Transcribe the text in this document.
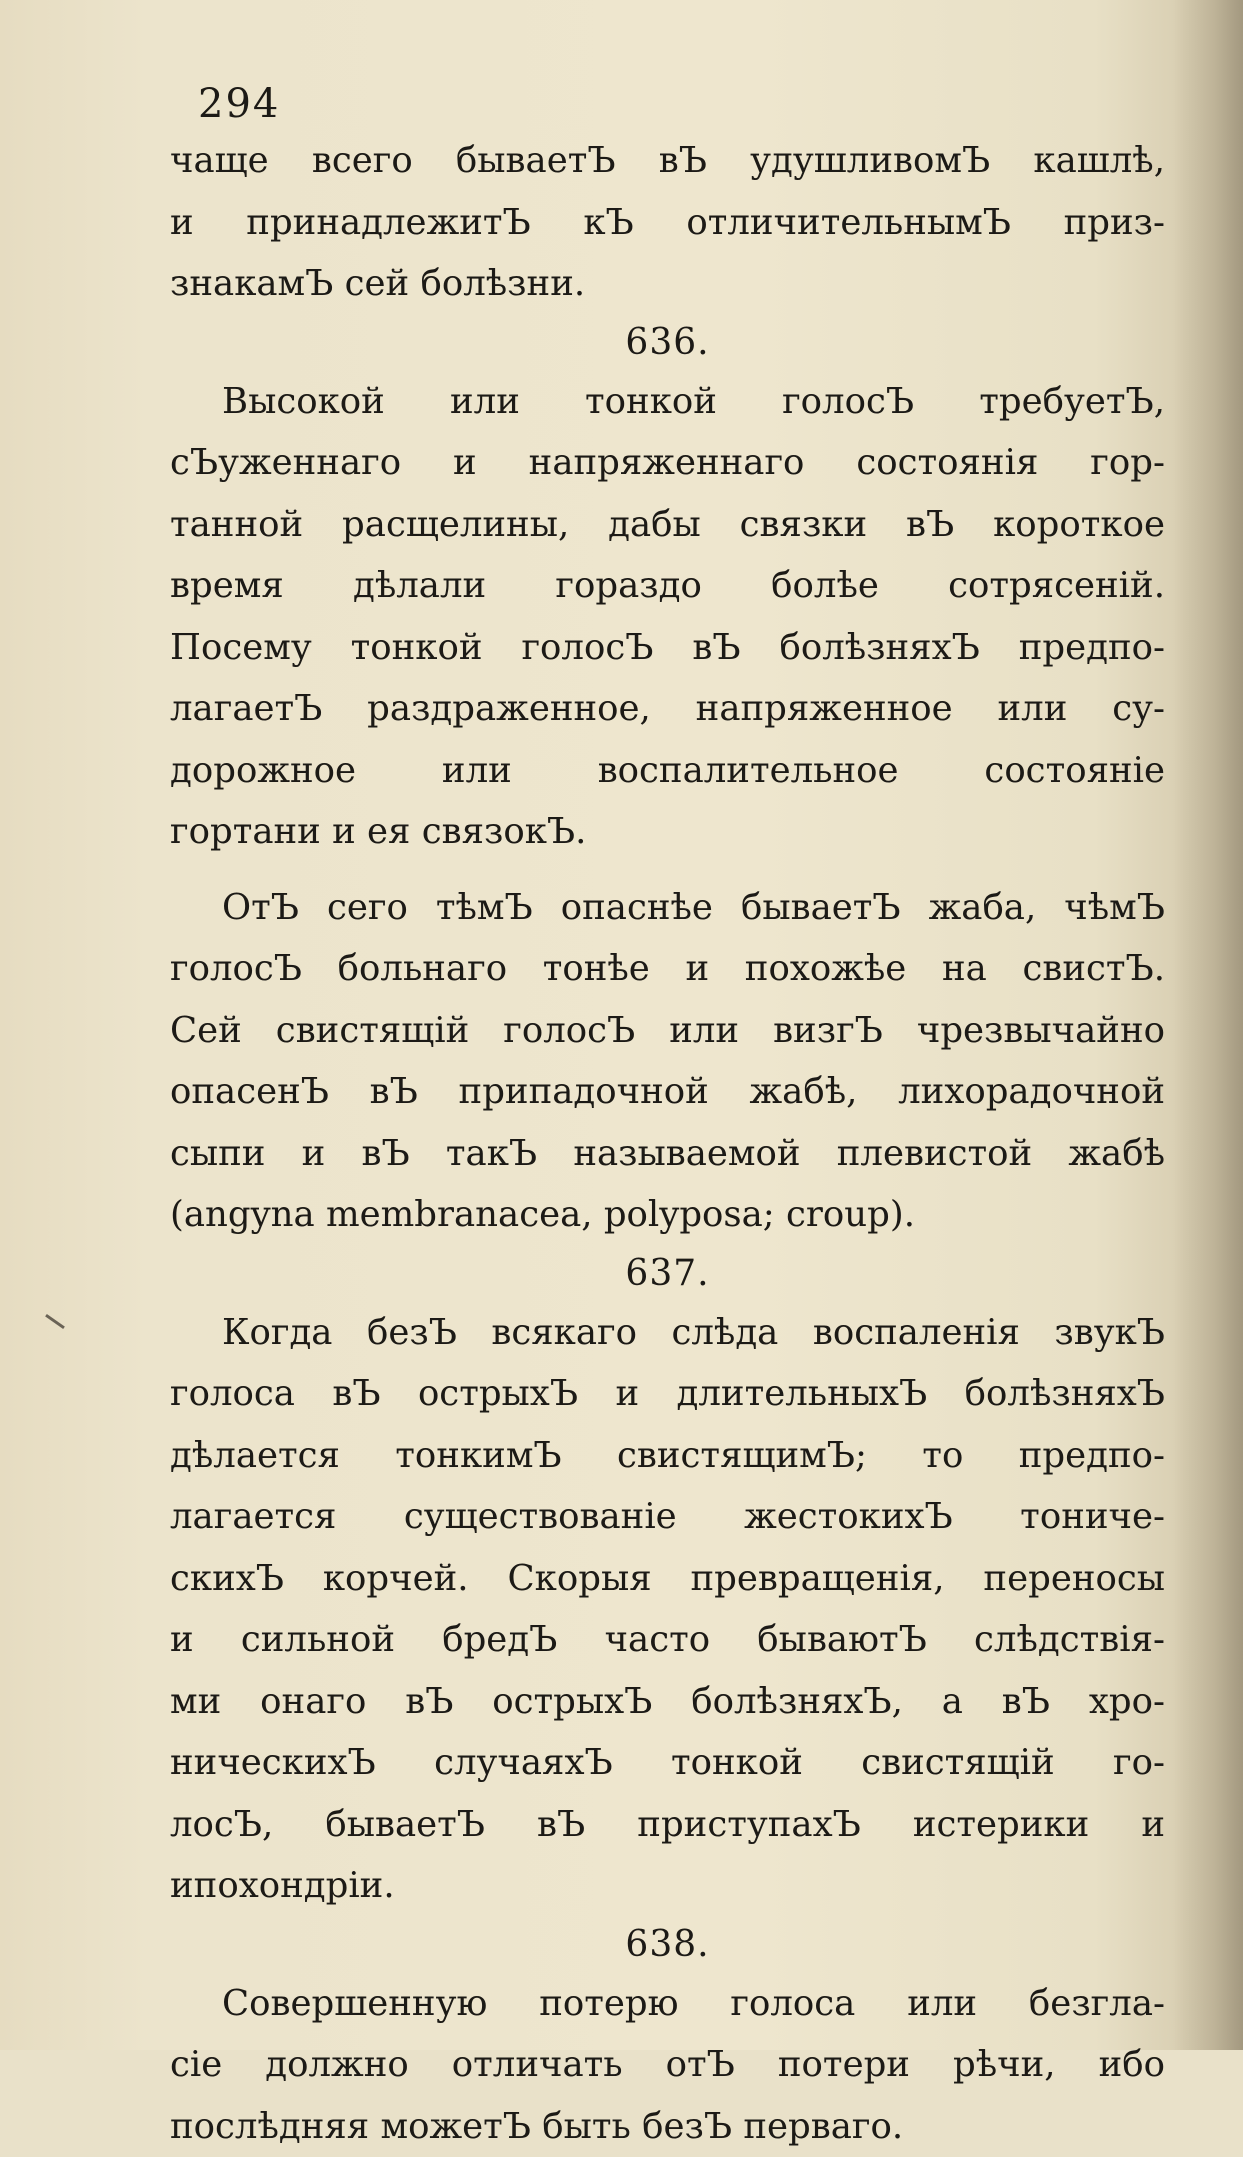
294
чаще всего бываетЪ вЪ удушливомЪ кашлѣ,
и принадлежитЪ кЪ отличительнымЪ приз-
знакамЪ сей болѣзни.
636.
Высокой или тонкой голосЪ требуетЪ,
сЪуженнаго и напряженнаго состоянія гор-
танной расщелины, дабы связки вЪ короткое
время дѣлали гораздо болѣе сотрясеній.
Посему тонкой голосЪ вЪ болѣзняхЪ предпо-
лагаетЪ раздраженное, напряженное или су-
дорожное или воспалительное состояніе
гортани и ея связокЪ.
ОтЪ сего тѣмЪ опаснѣе бываетЪ жаба, чѣмЪ
голосЪ больнаго тонѣе и похожѣе на свистЪ.
Сей свистящій голосЪ или визгЪ чрезвычайно
опасенЪ вЪ припадочной жабѣ, лихорадочной
сыпи и вЪ такЪ называемой плевистой жабѣ
(angyna membranacea, polyposa; croup).
637.
Когда безЪ всякаго слѣда воспаленія звукЪ
голоса вЪ острыхЪ и длительныхЪ болѣзняхЪ
дѣлается тонкимЪ свистящимЪ; то предпо-
лагается существованіе жестокихЪ тониче-
скихЪ корчей. Скорыя превращенія, переносы
и сильной бредЪ часто бываютЪ слѣдствія-
ми онаго вЪ острыхЪ болѣзняхЪ, а вЪ хро-
ническихЪ случаяхЪ тонкой свистящій го-
лосЪ, бываетЪ вЪ приступахЪ истерики и
ипохондріи.
638.
Совершенную потерю голоса или безгла-
сіе должно отличать отЪ потери рѣчи, ибо
послѣдняя можетЪ быть безЪ перваго.
